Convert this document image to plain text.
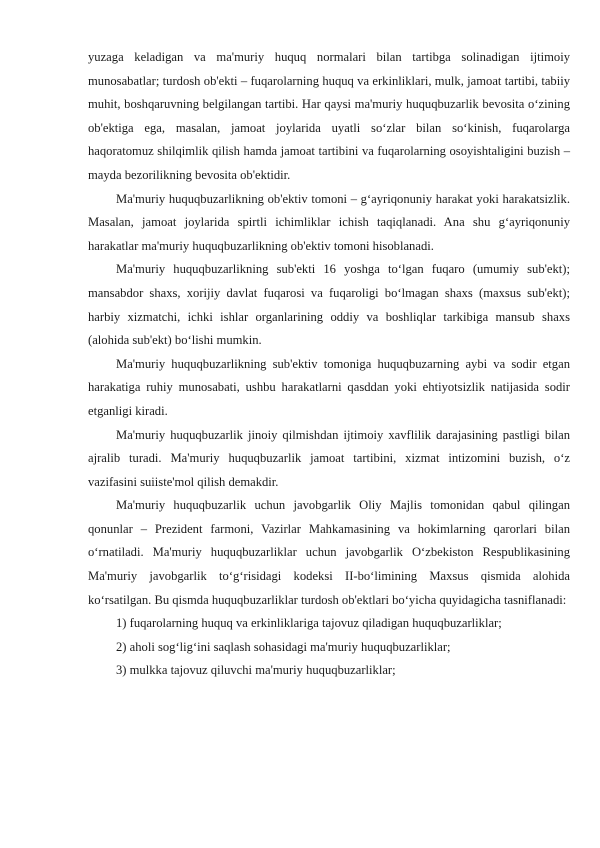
yuzaga keladigan va ma'muriy huquq normalari bilan tartibga solinadigan ijtimoiy munosabatlar; turdosh ob'ekti – fuqarolarning huquq va erkinliklari, mulk, jamoat tartibi, tabiiy muhit, boshqaruvning belgilangan tartibi. Har qaysi ma'muriy huquqbuzarlik bevosita o‘zining ob'ektiga ega, masalan, jamoat joylarida uyatli so‘zlar bilan so‘kinish, fuqarolarga haqoratomuz shilqimlik qilish hamda jamoat tartibini va fuqarolarning osoyishtaligini buzish – mayda bezorilikning bevosita ob'ektidir.

Ma'muriy huquqbuzarlikning ob'ektiv tomoni – g‘ayriqonuniy harakat yoki harakatsizlik. Masalan, jamoat joylarida spirtli ichimliklar ichish taqiqlanadi. Ana shu g‘ayriqonuniy harakatlar ma'muriy huquqbuzarlikning ob'ektiv tomoni hisoblanadi.

Ma'muriy huquqbuzarlikning sub'ekti 16 yoshga to‘lgan fuqaro (umumiy sub'ekt); mansabdor shaxs, xorijiy davlat fuqarosi va fuqaroligi bo‘lmagan shaxs (maxsus sub'ekt); harbiy xizmatchi, ichki ishlar organlarining oddiy va boshliqlar tarkibiga mansub shaxs (alohida sub'ekt) bo‘lishi mumkin.

Ma'muriy huquqbuzarlikning sub'ektiv tomoniga huquqbuzarning aybi va sodir etgan harakatiga ruhiy munosabati, ushbu harakatlarni qasddan yoki ehtiyotsizlik natijasida sodir etganligi kiradi.

Ma'muriy huquqbuzarlik jinoiy qilmishdan ijtimoiy xavflilik darajasining pastligi bilan ajralib turadi. Ma'muriy huquqbuzarlik jamoat tartibini, xizmat intizomini buzish, o‘z vazifasini suiiste'mol qilish demakdir.

Ma'muriy huquqbuzarlik uchun javobgarlik Oliy Majlis tomonidan qabul qilingan qonunlar – Prezident farmoni, Vazirlar Mahkamasining va hokimlarning qarorlari bilan o‘rnatiladi. Ma'muriy huquqbuzarliklar uchun javobgarlik O‘zbekiston Respublikasining Ma'muriy javobgarlik to‘g‘risidagi kodeksi II-bo‘limining Maxsus qismida alohida ko‘rsatilgan. Bu qismda huquqbuzarliklar turdosh ob'ektlari bo‘yicha quyidagicha tasniflanadi:

1) fuqarolarning huquq va erkinliklariga tajovuz qiladigan huquqbuzarliklar;
2) aholi sog‘lig‘ini saqlash sohasidagi ma'muriy huquqbuzarliklar;
3) mulkka tajovuz qiluvchi ma'muriy huquqbuzarliklar;
